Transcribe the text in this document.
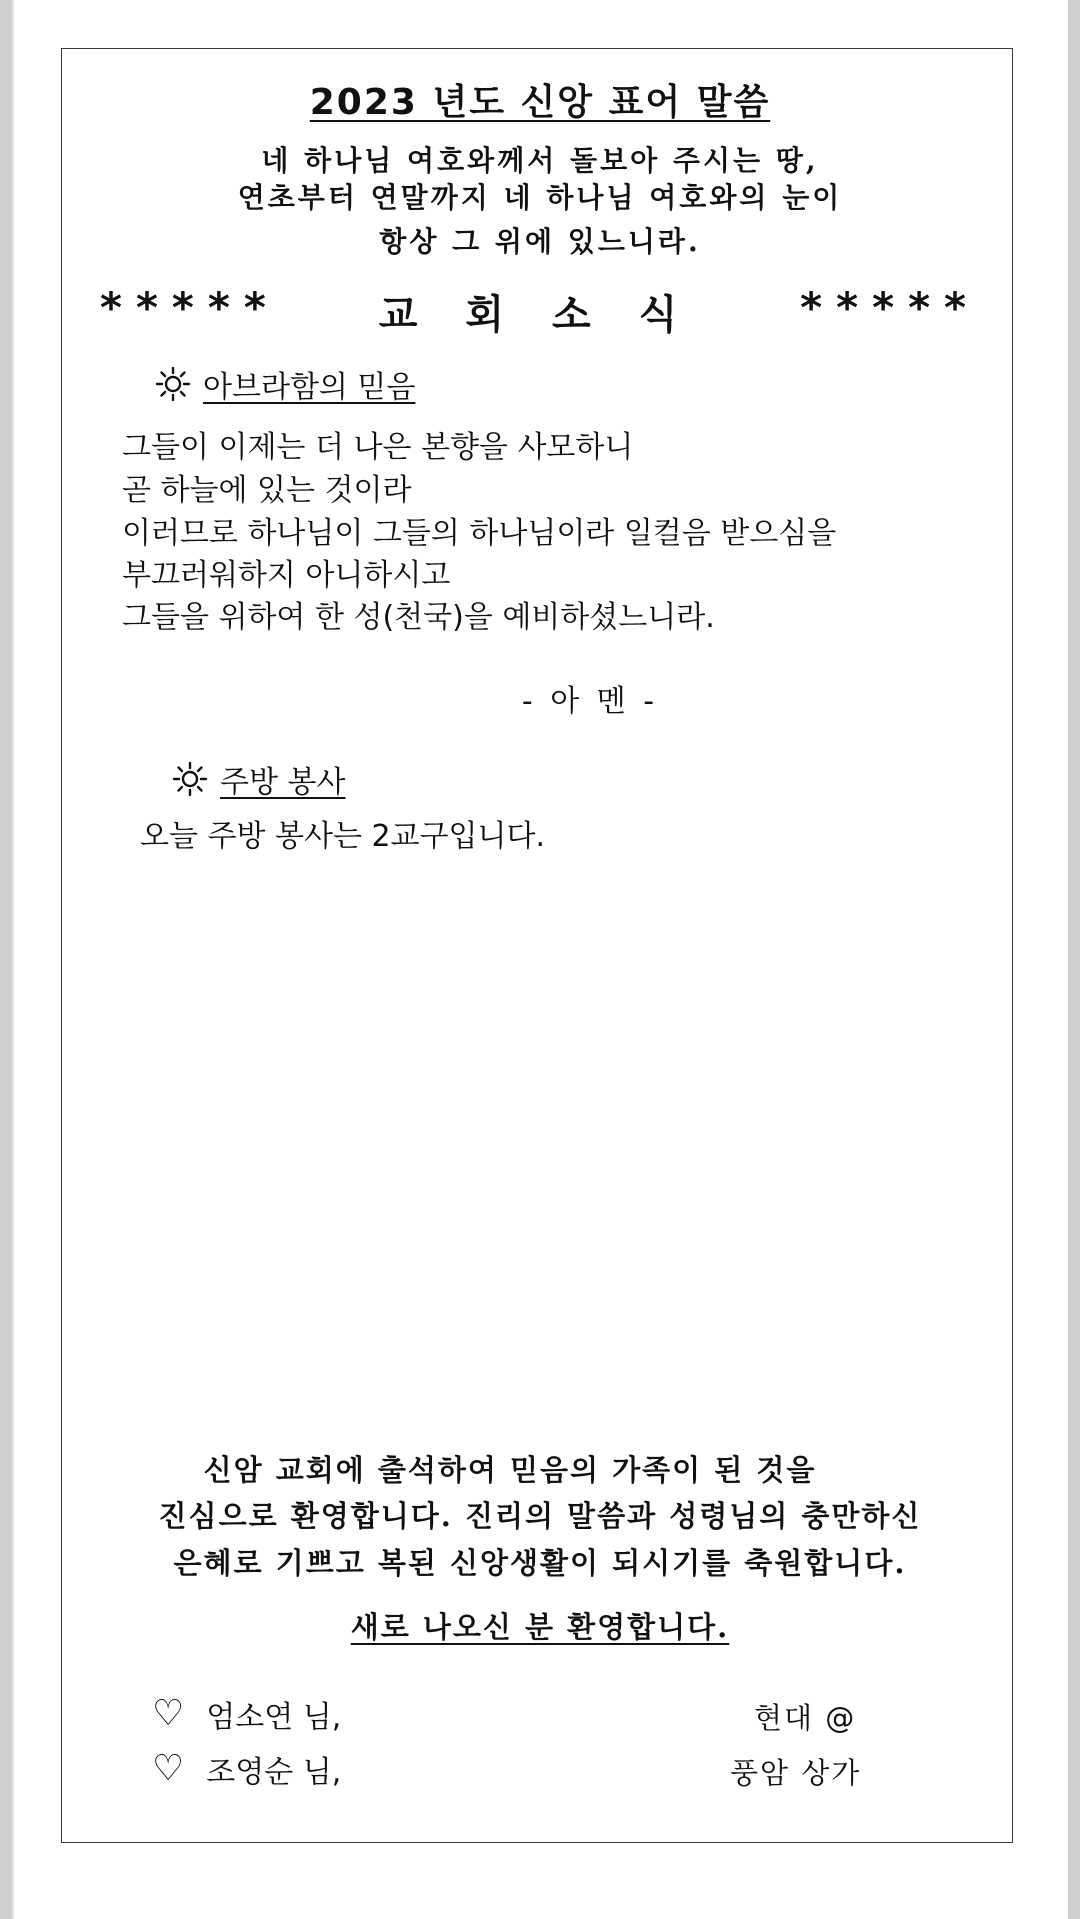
2023 년도 신앙 표어 말씀
네 하나님 여호와께서 돌보아 주시는 땅,
연초부터 연말까지 네 하나님 여호와의 눈이
항상 그 위에 있느니라.
***** 교회소식 *****
아브라함의 믿음
그들이 이제는 더 나은 본향을 사모하니
곧 하늘에 있는 것이라
이러므로 하나님이 그들의 하나님이라 일컬음 받으심을
부끄러워하지 아니하시고
그들을 위하여 한 성(천국)을 예비하셨느니라.
- 아 멘 -
주방 봉사
오늘 주방 봉사는 2교구입니다.
신암 교회에 출석하여 믿음의 가족이 된 것을
진심으로 환영합니다. 진리의 말씀과 성령님의 충만하신
은혜로 기쁘고 복된 신앙생활이 되시기를 축원합니다.
새로 나오신 분 환영합니다.
♡ 엄소연 님,	현대 @
♡ 조영순 님,	풍암 상가
